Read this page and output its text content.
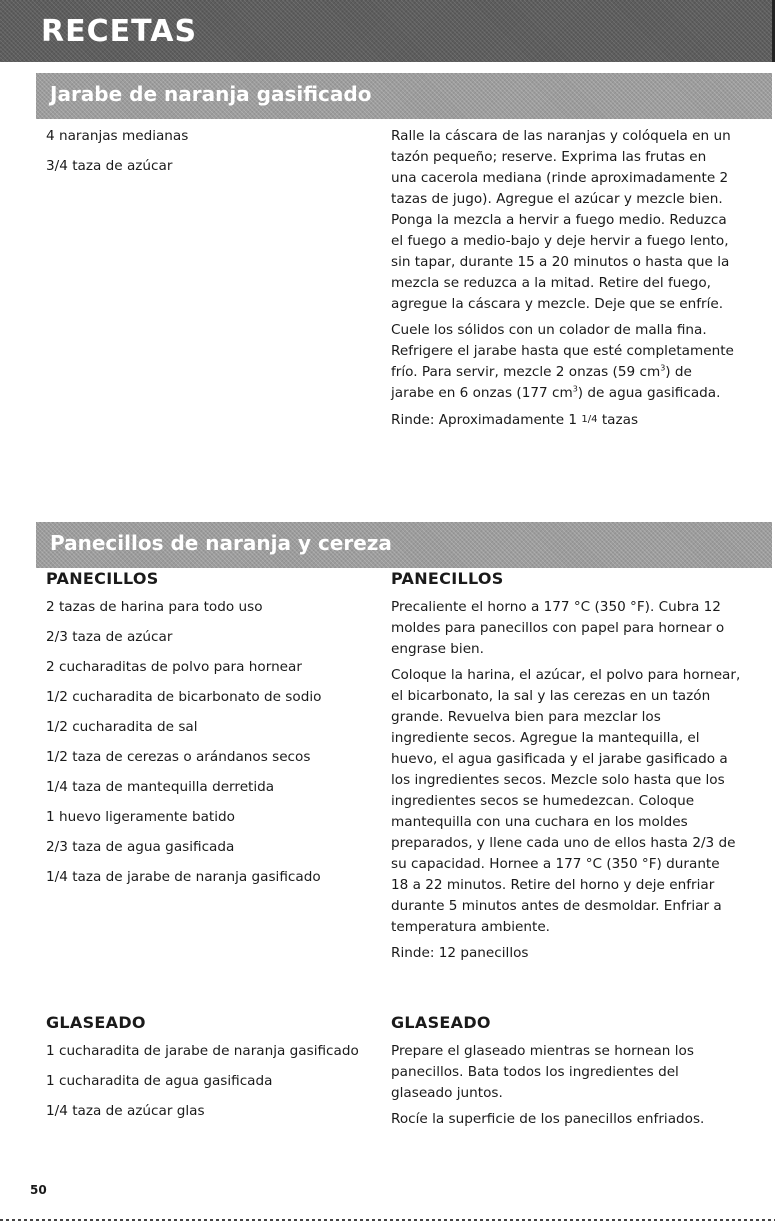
RECETAS
Jarabe de naranja gasificado
4 naranjas medianas
3/4 taza de azúcar

Ralle la cáscara de las naranjas y colóquela en un tazón pequeño; reserve. Exprima las frutas en una cacerola mediana (rinde aproximadamente 2 tazas de jugo). Agregue el azúcar y mezcle bien. Ponga la mezcla a hervir a fuego medio. Reduzca el fuego a medio-bajo y deje hervir a fuego lento, sin tapar, durante 15 a 20 minutos o hasta que la mezcla se reduzca a la mitad. Retire del fuego, agregue la cáscara y mezcle. Deje que se enfríe.

Cuele los sólidos con un colador de malla fina. Refrigere el jarabe hasta que esté completamente frío. Para servir, mezcle 2 onzas (59 $cm^3$) de jarabe en 6 onzas (177 $cm^3$) de agua gasificada.

Rinde: Aproximadamente 1 1/4 tazas

Panecillos de naranja y cereza
PANECILLOS
2 tazas de harina para todo uso
2/3 taza de azúcar
2 cucharaditas de polvo para hornear
1/2 cucharadita de bicarbonato de sodio
1/2 cucharadita de sal
1/2 taza de cerezas o arándanos secos
1/4 taza de mantequilla derretida
1 huevo ligeramente batido
2/3 taza de agua gasificada
1/4 taza de jarabe de naranja gasificado
PANECILLOS

Precaliente el horno a 177 °C (350 °F). Cubra 12 moldes para panecillos con papel para hornear o engrase bien.

Coloque la harina, el azúcar, el polvo para hornear, el bicarbonato, la sal y las cerezas en un tazón grande. Revuelva bien para mezclar los ingrediente secos. Agregue la mantequilla, el huevo, el agua gasificada y el jarabe gasificado a los ingredientes secos. Mezcle solo hasta que los ingredientes secos se humedezcan. Coloque mantequilla con una cuchara en los moldes preparados, y llene cada uno de ellos hasta 2/3 de su capacidad. Hornee a 177 °C (350 °F) durante 18 a 22 minutos. Retire del horno y deje enfriar durante 5 minutos antes de desmoldar. Enfriar a temperatura ambiente.

Rinde: 12 panecillos

GLASEADO
1 cucharadita de jarabe de naranja gasificado
1 cucharadita de agua gasificada
1/4 taza de azúcar glas
GLASEADO

Prepare el glaseado mientras se hornean los panecillos. Bata todos los ingredientes del glaseado juntos.

Rocíe la superficie de los panecillos enfriados.

50
